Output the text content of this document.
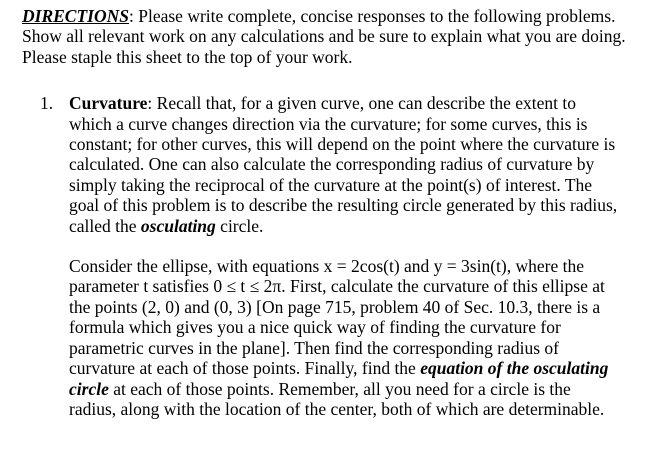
DIRECTIONS: Please write complete, concise responses to the following problems. Show all relevant work on any calculations and be sure to explain what you are doing. Please staple this sheet to the top of your work.

1. Curvature: Recall that, for a given curve, one can describe the extent to which a curve changes direction via the curvature; for some curves, this is constant; for other curves, this will depend on the point where the curvature is calculated. One can also calculate the corresponding radius of curvature by simply taking the reciprocal of the curvature at the point(s) of interest. The goal of this problem is to describe the resulting circle generated by this radius, called the osculating circle.

Consider the ellipse, with equations x = 2cos(t) and y = 3sin(t), where the parameter t satisfies 0 ≤ t ≤ 2π. First, calculate the curvature of this ellipse at the points (2, 0) and (0, 3) [On page 715, problem 40 of Sec. 10.3, there is a formula which gives you a nice quick way of finding the curvature for parametric curves in the plane]. Then find the corresponding radius of curvature at each of those points. Finally, find the equation of the osculating circle at each of those points. Remember, all you need for a circle is the radius, along with the location of the center, both of which are determinable.
